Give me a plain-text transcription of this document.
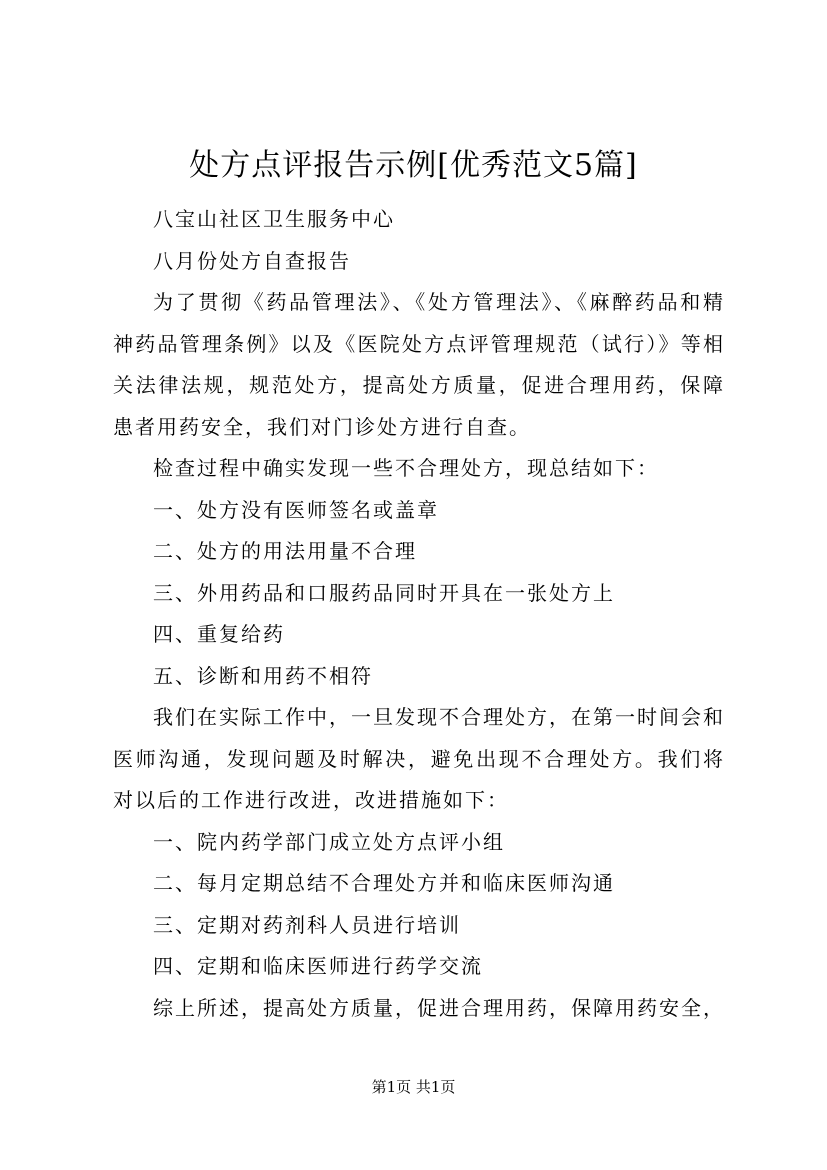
处方点评报告示例[优秀范文5篇]

八宝山社区卫生服务中心

八月份处方自查报告

为了贯彻《药品管理法》、《处方管理法》、《麻醉药品和精神药品管理条例》以及《医院处方点评管理规范（试行）》等相关法律法规，规范处方，提高处方质量，促进合理用药，保障患者用药安全，我们对门诊处方进行自查。

检查过程中确实发现一些不合理处方，现总结如下：

一、处方没有医师签名或盖章

二、处方的用法用量不合理

三、外用药品和口服药品同时开具在一张处方上

四、重复给药

五、诊断和用药不相符

我们在实际工作中，一旦发现不合理处方，在第一时间会和医师沟通，发现问题及时解决，避免出现不合理处方。我们将对以后的工作进行改进，改进措施如下：

一、院内药学部门成立处方点评小组

二、每月定期总结不合理处方并和临床医师沟通

三、定期对药剂科人员进行培训

四、定期和临床医师进行药学交流

综上所述，提高处方质量，促进合理用药，保障用药安全，

第1页 共1页
